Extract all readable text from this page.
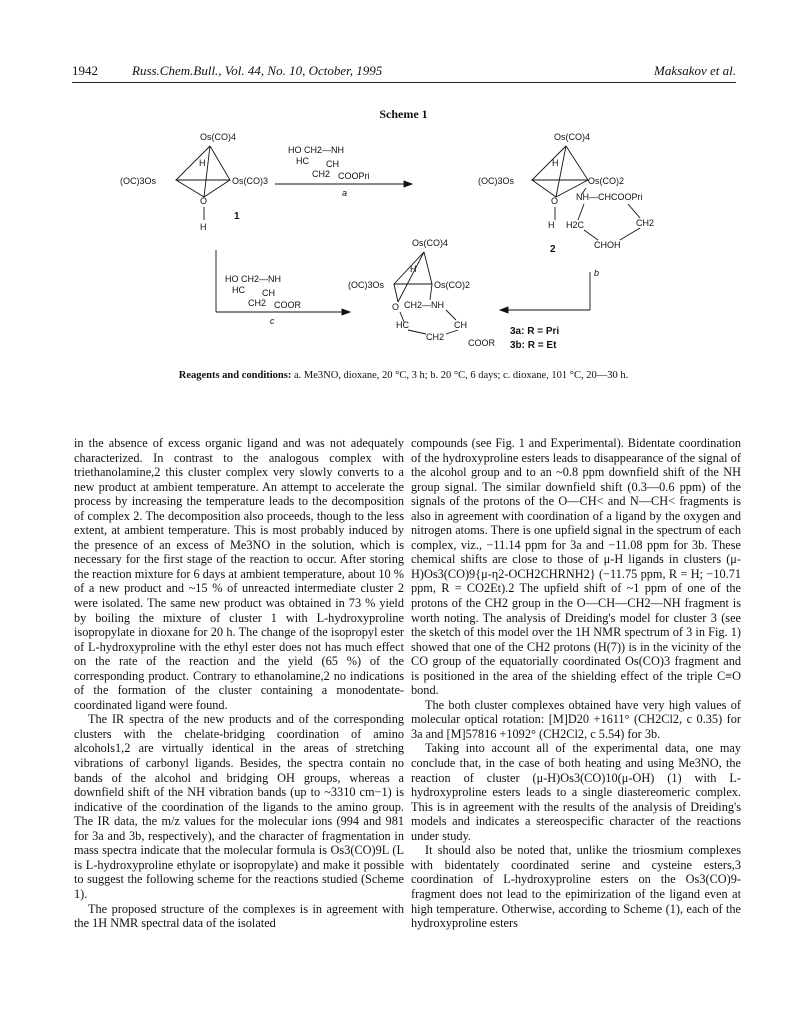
1942	Russ.Chem.Bull., Vol. 44, No. 10, October, 1995	Maksakov et al.
Scheme 1
Os(CO)4
(OC)3Os	Os(CO)3
H
O
H
1
HO CH2—NH
HC CH
CH2 COOPri
a
Os(CO)4
(OC)3Os	Os(CO)2
H
O
H
NH—CHCOOPri
H2C	CH2
CHOH
2
b
HO CH2—NH
HC CH
CH2 COOR
c
Os(CO)4
(OC)3Os	Os(CO)2
H
O CH2—NH
HC	CH
CH2
COOR
3a: R = Pri
3b: R = Et
Reagents and conditions: a. Me3NO, dioxane, 20 °C, 3 h; b. 20 °C, 6 days; c. dioxane, 101 °C, 20—30 h.

in the absence of excess organic ligand and was not adequately characterized. In contrast to the analogous complex with triethanolamine,2 this cluster complex very slowly converts to a new product at ambient temperature. An attempt to accelerate the process by increasing the temperature leads to the decomposition of complex 2. The decomposition also proceeds, though to the less extent, at ambient temperature. This is most probably induced by the presence of an excess of Me3NO in the solution, which is necessary for the first stage of the reaction to occur. After storing the reaction mixture for 6 days at ambient temperature, about 10 % of a new product and ~15 % of unreacted intermediate cluster 2 were isolated. The same new product was obtained in 73 % yield by boiling the mixture of cluster 1 with L-hydroxyproline isopropylate in dioxane for 20 h. The change of the isopropyl ester of L-hydroxyproline with the ethyl ester does not has much effect on the rate of the reaction and the yield (65 %) of the corresponding product. Contrary to ethanolamine,2 no indications of the formation of the cluster containing a monodentate-coordinated ligand were found.

The IR spectra of the new products and of the corresponding clusters with the chelate-bridging coordination of amino alcohols1,2 are virtually identical in the areas of stretching vibrations of carbonyl ligands. Besides, the spectra contain no bands of the alcohol and bridging OH groups, whereas a downfield shift of the NH vibration bands (up to ~3310 cm−1) is indicative of the coordination of the ligands to the amino group. The IR data, the m/z values for the molecular ions (994 and 981 for 3a and 3b, respectively), and the character of fragmentation in mass spectra indicate that the molecular formula is Os3(CO)9L (L is L-hydroxyproline ethylate or isopropylate) and make it possible to suggest the following scheme for the reactions studied (Scheme 1).

The proposed structure of the complexes is in agreement with the 1H NMR spectral data of the isolated

compounds (see Fig. 1 and Experimental). Bidentate coordination of the hydroxyproline esters leads to disappearance of the signal of the alcohol group and to an ~0.8 ppm downfield shift of the NH group signal. The similar downfield shift (0.3—0.6 ppm) of the signals of the protons of the O—CH< and N—CH< fragments is also in agreement with coordination of a ligand by the oxygen and nitrogen atoms. There is one upfield signal in the spectrum of each complex, viz., −11.14 ppm for 3a and −11.08 ppm for 3b. These chemical shifts are close to those of μ-H ligands in clusters (μ-H)Os3(CO)9{μ-η2-OCH2CHRNH2} (−11.75 ppm, R = H; −10.71 ppm, R = CO2Et).2 The upfield shift of ~1 ppm of one of the protons of the CH2 group in the O—CH—CH2—NH fragment is worth noting. The analysis of Dreiding's model for cluster 3 (see the sketch of this model over the 1H NMR spectrum of 3 in Fig. 1) showed that one of the CH2 protons (H(7)) is in the vicinity of the CO group of the equatorially coordinated Os(CO)3 fragment and is positioned in the area of the shielding effect of the triple C≡O bond.

The both cluster complexes obtained have very high values of molecular optical rotation: [M]D20 +1611° (CH2Cl2, c 0.35) for 3a and [M]57816 +1092° (CH2Cl2, c 5.54) for 3b.

Taking into account all of the experimental data, one may conclude that, in the case of both heating and using Me3NO, the reaction of cluster (μ-H)Os3(CO)10(μ-OH) (1) with L-hydroxyproline esters leads to a single diastereomeric complex. This is in agreement with the results of the analysis of Dreiding's models and indicates a stereospecific character of the reactions under study.

It should also be noted that, unlike the triosmium complexes with bidentately coordinated serine and cysteine esters,3 coordination of L-hydroxyproline esters on the Os3(CO)9-fragment does not lead to the epimirization of the ligand even at high temperature. Otherwise, according to Scheme (1), each of the hydroxyproline esters
